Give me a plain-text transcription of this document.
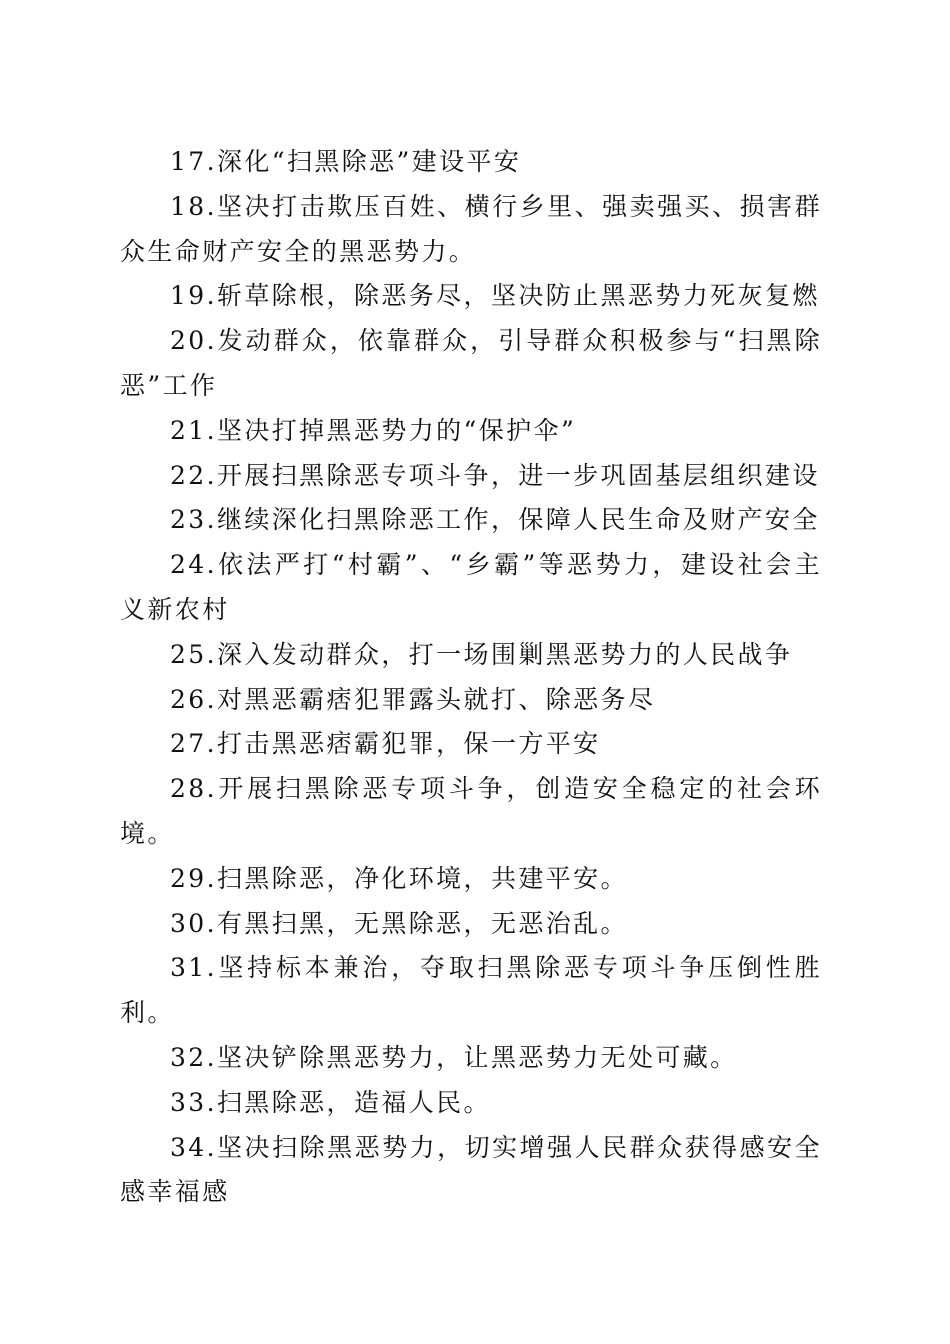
17.深化“扫黑除恶”建设平安

18.坚决打击欺压百姓、横行乡里、强卖强买、损害群众生命财产安全的黑恶势力。

19.斩草除根，除恶务尽，坚决防止黑恶势力死灰复燃

20.发动群众，依靠群众，引导群众积极参与“扫黑除恶”工作

21.坚决打掉黑恶势力的“保护伞”

22.开展扫黑除恶专项斗争，进一步巩固基层组织建设

23.继续深化扫黑除恶工作，保障人民生命及财产安全

24.依法严打“村霸”、“乡霸”等恶势力，建设社会主义新农村

25.深入发动群众，打一场围剿黑恶势力的人民战争

26.对黑恶霸痞犯罪露头就打、除恶务尽

27.打击黑恶痞霸犯罪，保一方平安

28.开展扫黑除恶专项斗争，创造安全稳定的社会环境。

29.扫黑除恶，净化环境，共建平安。

30.有黑扫黑，无黑除恶，无恶治乱。

31.坚持标本兼治，夺取扫黑除恶专项斗争压倒性胜利。

32.坚决铲除黑恶势力，让黑恶势力无处可藏。

33.扫黑除恶，造福人民。

34.坚决扫除黑恶势力，切实增强人民群众获得感安全感幸福感
